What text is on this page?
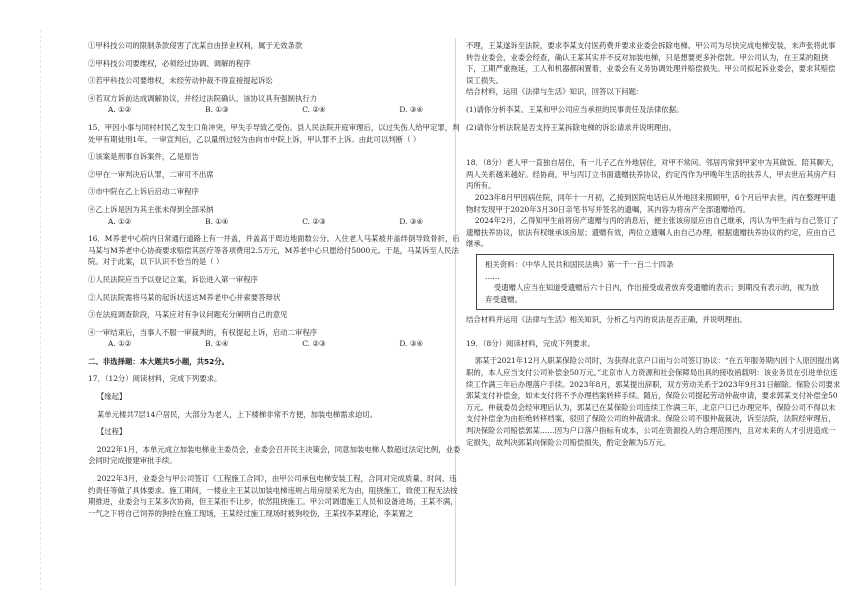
①甲科技公司的限制条款侵害了沈某自由择业权利，属于无效条款

②甲科技公司要维权，必须经过协调、调解的程序

③若甲科技公司要维权，未经劳动仲裁不得直接提起诉讼

④若双方诉前达成调解协议，并经过法院确认，该协议具有强制执行力

A. ①②	B. ①③	C. ②④	D. ③④

15．甲因小事与同村村民乙发生口角冲突，甲失手导致乙受伤。县人民法院开庭审理后，以过失伤人给甲定罪，判处甲有期徒刑1年。一审宣判后，乙以量刑过轻为由向市中院上诉，甲认罪不上诉。由此可以判断（ ）

①该案是刑事自诉案件，乙是原告

②甲在一审判决后认罪，二审可不出席

③市中院在乙上诉后启动二审程序

④乙上诉是因为其主张未得到全部采纳

A. ①②	B. ①④	C. ②③	D. ③④

16．M养老中心院内日常通行道路上有一井盖，并盖高于周边地面数公分。入住老人马某被井盖绊倒导致骨折，后马某与M养老中心协商要求赔偿其医疗等各项费用2.5万元，M养老中心只愿给付5000元。于是，马某诉至人民法院。对于此案，以下认识不恰当的是（ ）

①人民法院应当予以登记立案，诉讼进入第一审程序

②人民法院需将马某的起诉状送达M养老中心并索要答辩状

③在法庭调查阶段，马某应对有争议问题充分阐明自己的意见

④一审结束后，当事人不服一审裁判的，有权提起上诉，启动二审程序

A. ①②	B. ①④	C. ②③	D. ③④

二、非选择题：本大题共5小题，共52分。

17．（12分）阅读材料，完成下列要求。

【缘起】

某单元楼共7层14户居民，大部分为老人，上下楼梯非常不方便，加装电梯需求迫切。

【过程】

2022年1月，本单元成立加装电梯业主委员会，业委会召开民主决策会，同意加装电梯人数超过法定比例，业委会同时完成报建审批手续。

2022年3月，业委会与甲公司签订《工程施工合同》，由甲公司承包电梯安装工程，合同对完成质量、时间、违约责任等做了具体要求。施工期间，一楼业主王某以加装电梯违规占用房屋采光为由，阻挠施工，致使工程无法按期推进，业委会与王某多次协商，但王某拒不让步，依然阻挠施工。甲公司调遣施工人员和设备进场，王某不满，一气之下将自己饲养的狗拴在施工现场，王某经过施工现场时被狗咬伤，王某找李某理论，李某置之

不理，王某遂诉至法院，要求李某支付医药费并要求业委会拆除电梯。甲公司为尽快完成电梯安装，未声张将此事转告业委会，业委会经查，确认王某其实并不反对加装电梯，只是想要更多补偿款。甲公司认为，在王某的阻挠下，工期严重拖延，工人和机器都闲置着，业委会有义务协调处理并赔偿损失。甲公司拟起诉业委会，要求其赔偿误工损失。

结合材料，运用《法律与生活》知识，回答以下问题：

(1)请你分析李某、王某和甲公司应当承担的民事责任及法律依据。

(2)请你分析法院是否支持王某拆除电梯的诉讼请求并说明理由。

18．（8分）老人甲一直独自居住，有一儿子乙在外地居住，对甲不常问。邻居丙常到甲家中为其做饭、陪其聊天，两人关系越来越好。经协商，甲与丙订立书面遗赠扶养协议，约定丙作为甲晚年生活的扶养人，甲去世后其房产归丙所有。

2023年8月甲因病住院，同年十一月初，乙接到医院电话后从外地回来照顾甲，6个月后甲去世，丙在整理甲遗物时发现甲于2020年3月30日亲笔书写并签名的遗嘱，其内容为将房产全部遗赠给丙。

2024年2月，乙得知甲生前将房产遗赠与丙的消息后，便主张该房屋应由自己继承，丙认为甲生前与自己签订了遗赠扶养协议，依法有权继承该房屋；遗赠有效，两位立遗嘱人由自己办理，根据遗赠扶养协议的约定，应由自己继承。

相关资料：《中华人民共和国民法典》第一千一百二十四条

……

受遗赠人应当在知道受遗赠后六十日内，作出接受或者放弃受遗赠的表示；到期没有表示的，视为放弃受遗赠。

结合材料并运用《法律与生活》相关知识，分析乙与丙的说法是否正确，并说明理由。

19．（8分）阅读材料，完成下列要求。

郭某于2021年12月入职某保险公司时，为获得北京户口而与公司签订协议：“在五年服务期内因个人原因提出离职的，本人应当支付公司补偿金50万元。”北京市人力资源和社会保障局出具的接收函载明：该业务员在引进单位连续工作满三年后办理落户手续。2023年8月，郭某提出辞职，双方劳动关系于2023年9月31日解除。保险公司要求郭某支付补偿金，如未支付将不予办理档案转移手续。随后，保险公司提起劳动仲裁申请，要求郭某支付补偿金50万元。仲裁委员会经审理后认为，郭某已在某保险公司连续工作满三年，北京户口已办理完毕，保险公司不得以未支付补偿金为由拒绝转移档案，驳回了保险公司的仲裁请求。保险公司不服仲裁裁决，诉至法院，法院经审理后，判决保险公司赔偿郭某……因为户口落户指标有成本，公司在资源投入的合理范围内，且对未来的人才引进造成一定损失，故判决郭某向保险公司赔偿损失，酌定金额为5万元。
